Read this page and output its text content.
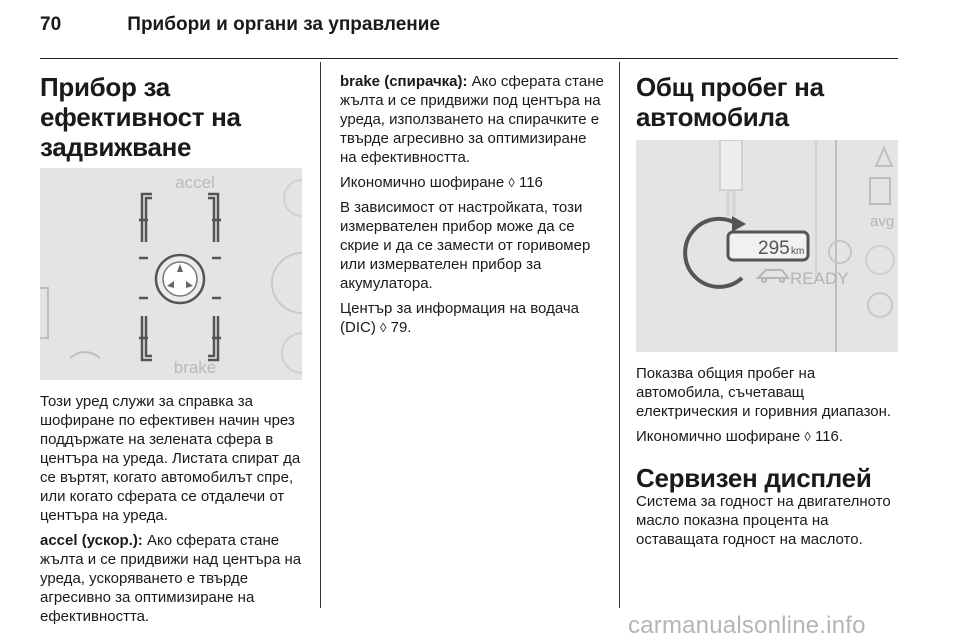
70	Прибори и органи за управление
Прибор за ефективност на задвижване
accel
brake

Този уред служи за справка за шофиране по ефективен начин чрез поддържате на зелената сфера в центъра на уреда. Листата спират да се въртят, когато автомобилът спре, или когато сферата се отдалечи от центъра на уреда.

accel (ускор.): Ако сферата стане жълта и се придвижи над центъра на уреда, ускоряването е твърде агресивно за оптимизиране на ефективността.

brake (спирачка): Ако сферата стане жълта и се придвижи под центъра на уреда, използването на спирачките е твърде агресивно за оптимизиране на ефективността.

Икономично шофиране ◊ 116

В зависимост от настройката, този измервателен прибор може да се скрие и да се замести от горивомер или измервателен прибор за акумулатора.

Център за информация на водача (DIC) ◊ 79.

Общ пробег на автомобила
avg
295 km
READY

Показва общия пробег на автомобила, съчетаващ електрическия и горивния диапазон.

Икономично шофиране ◊ 116.

Сервизен дисплей

Система за годност на двигателното масло показна процента на оставащата годност на маслото.

carmanualsonline.info
